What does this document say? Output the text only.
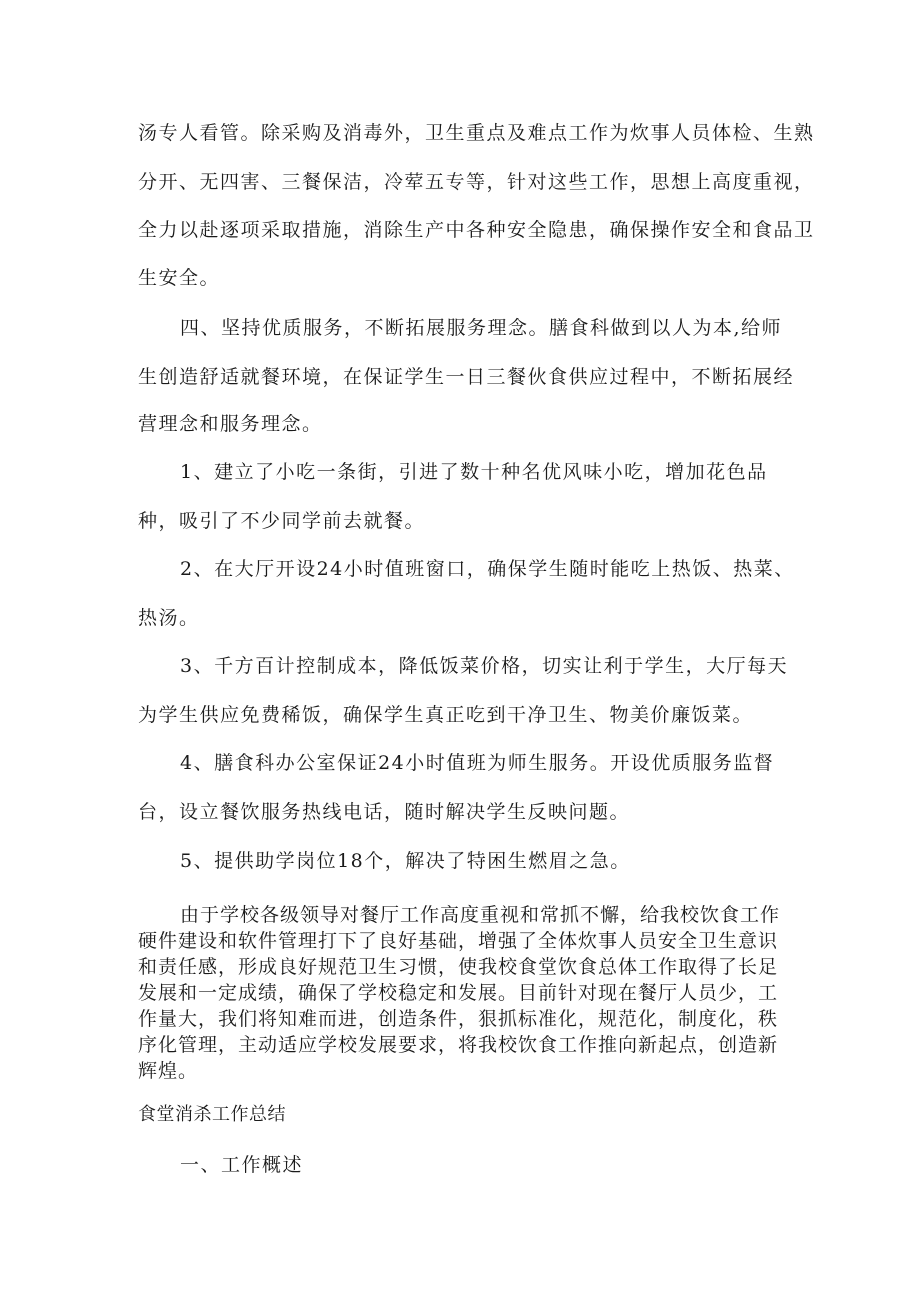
汤专人看管。除采购及消毒外，卫生重点及难点工作为炊事人员体检、生熟
分开、无四害、三餐保洁，冷荤五专等，针对这些工作，思想上高度重视，
全力以赴逐项采取措施，消除生产中各种安全隐患，确保操作安全和食品卫
生安全。
四、坚持优质服务，不断拓展服务理念。膳食科做到以人为本,给师
生创造舒适就餐环境，在保证学生一日三餐伙食供应过程中，不断拓展经
营理念和服务理念。
1、建立了小吃一条街，引进了数十种名优风味小吃，增加花色品
种，吸引了不少同学前去就餐。
2、在大厅开设24小时值班窗口，确保学生随时能吃上热饭、热菜、
热汤。
3、千方百计控制成本，降低饭菜价格，切实让利于学生，大厅每天
为学生供应免费稀饭，确保学生真正吃到干净卫生、物美价廉饭菜。
4、膳食科办公室保证24小时值班为师生服务。开设优质服务监督
台，设立餐饮服务热线电话，随时解决学生反映问题。
5、提供助学岗位18个，解决了特困生燃眉之急。
由于学校各级领导对餐厅工作高度重视和常抓不懈，给我校饮食工作
硬件建设和软件管理打下了良好基础，增强了全体炊事人员安全卫生意识
和责任感，形成良好规范卫生习惯，使我校食堂饮食总体工作取得了长足
发展和一定成绩，确保了学校稳定和发展。目前针对现在餐厅人员少，工
作量大，我们将知难而进，创造条件，狠抓标准化，规范化，制度化，秩
序化管理，主动适应学校发展要求，将我校饮食工作推向新起点，创造新
辉煌。
食堂消杀工作总结
一、工作概述
